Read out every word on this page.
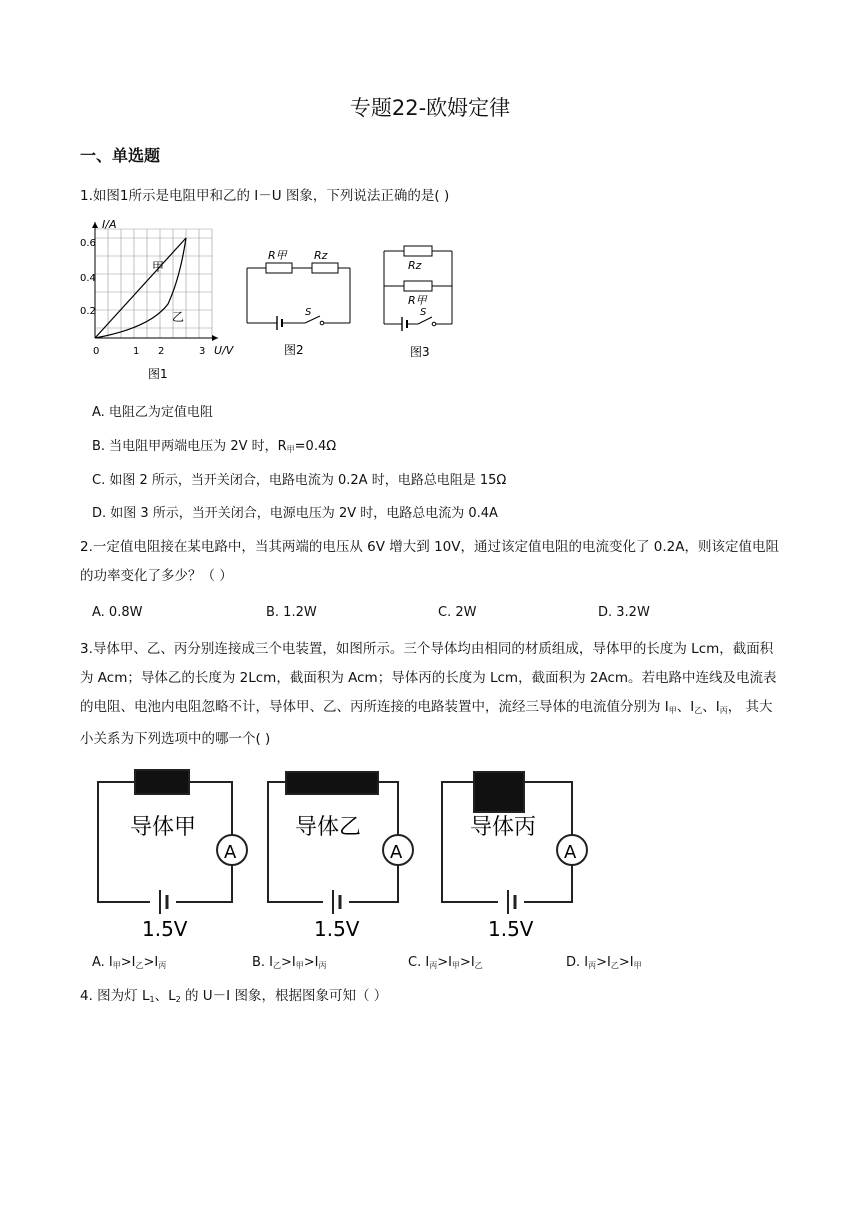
专题22-欧姆定律
一、单选题
1.如图1所示是电阻甲和乙的 I－U 图象，下列说法正确的是( )
I/A
U/V
0.6
0.4
0.2
0	1 2	3
甲
乙
图1
R甲 Rz
S
图2
Rz
R甲
S
图3
A. 电阻乙为定值电阻
B. 当电阻甲两端电压为 2V 时，$R_甲=0.4\Omega$
C. 如图 2 所示，当开关闭合，电路电流为 0.2A 时，电路总电阻是 15Ω
D. 如图 3 所示，当开关闭合，电源电压为 2V 时，电路总电流为 0.4A
2.一定值电阻接在某电路中，当其两端的电压从 6V 增大到 10V，通过该定值电阻的电流变化了 0.2A，则该定值电阻的功率变化了多少？（ ）
A. 0.8W	B. 1.2W	C. 2W	D. 3.2W
3.导体甲、乙、丙分别连接成三个电装置，如图所示。三个导体均由相同的材质组成，导体甲的长度为 Lcm，截面积为 Acm；导体乙的长度为 2Lcm，截面积为 Acm；导体丙的长度为 Lcm，截面积为 2Acm。若电路中连线及电流表的电阻、电池内电阻忽略不计，导体甲、乙、丙所连接的电路装置中，流经三导体的电流值分别为 $I_甲$、$I_乙$、$I_丙$， 其大小关系为下列选项中的哪一个( )
导体甲
A
1.5V
导体乙
A
1.5V
导体丙
A
1.5V
A. $I_甲>I_乙>I_丙$	B. $I_乙>I_甲>I_丙$	C. $I_丙>I_甲>I_乙$	D. $I_丙>I_乙>I_甲$
4. 图为灯 $L_1$、$L_2$ 的 U－I 图象，根据图象可知（ ）
